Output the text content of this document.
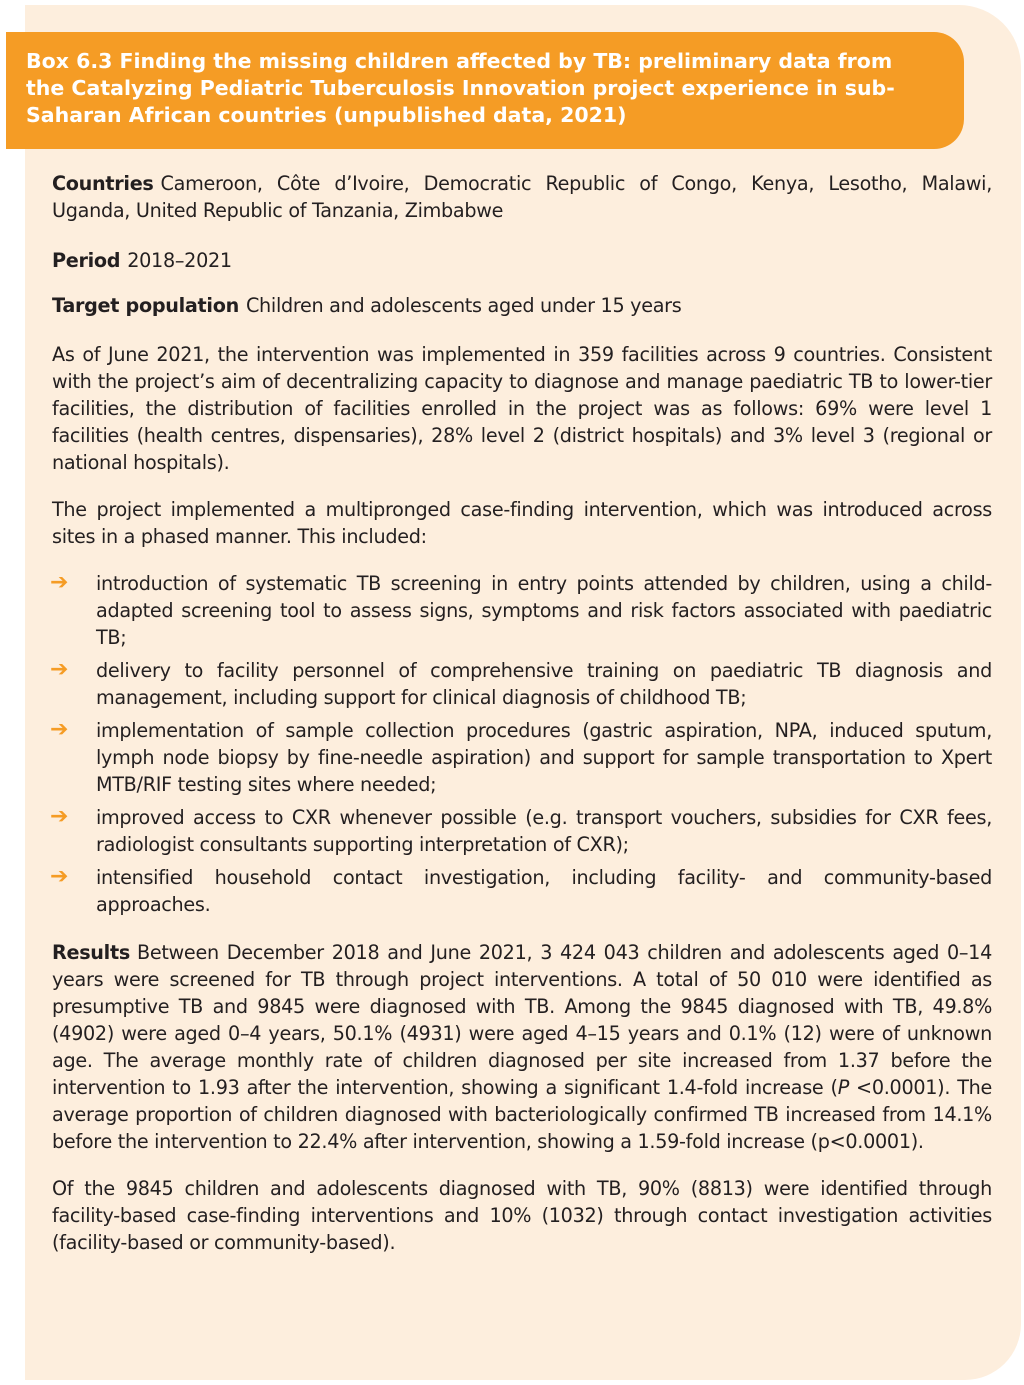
Box 6.3 Finding the missing children affected by TB: preliminary data from the Catalyzing Pediatric Tuberculosis Innovation project experience in sub-Saharan African countries (unpublished data, 2021)

Countries Cameroon, Côte d’Ivoire, Democratic Republic of Congo, Kenya, Lesotho, Malawi, Uganda, United Republic of Tanzania, Zimbabwe

Period 2018–2021

Target population Children and adolescents aged under 15 years

As of June 2021, the intervention was implemented in 359 facilities across 9 countries. Consistent with the project’s aim of decentralizing capacity to diagnose and manage paediatric TB to lower-tier facilities, the distribution of facilities enrolled in the project was as follows: 69% were level 1 facilities (health centres, dispensaries), 28% level 2 (district hospitals) and 3% level 3 (regional or national hospitals).

The project implemented a multipronged case-finding intervention, which was introduced across sites in a phased manner. This included:

➔	introduction of systematic TB screening in entry points attended by children, using a child-adapted screening tool to assess signs, symptoms and risk factors associated with paediatric TB;
➔	delivery to facility personnel of comprehensive training on paediatric TB diagnosis and management, including support for clinical diagnosis of childhood TB;
➔	implementation of sample collection procedures (gastric aspiration, NPA, induced sputum, lymph node biopsy by fine-needle aspiration) and support for sample transportation to Xpert MTB/RIF testing sites where needed;
➔	improved access to CXR whenever possible (e.g. transport vouchers, subsidies for CXR fees, radiologist consultants supporting interpretation of CXR);
➔	intensified household contact investigation, including facility- and community-based approaches.

Results Between December 2018 and June 2021, 3 424 043 children and adolescents aged 0–14 years were screened for TB through project interventions. A total of 50 010 were identified as presumptive TB and 9845 were diagnosed with TB. Among the 9845 diagnosed with TB, 49.8% (4902) were aged 0–4 years, 50.1% (4931) were aged 4–15 years and 0.1% (12) were of unknown age. The average monthly rate of children diagnosed per site increased from 1.37 before the intervention to 1.93 after the intervention, showing a significant 1.4-fold increase (P <0.0001). The average proportion of children diagnosed with bacteriologically confirmed TB increased from 14.1% before the intervention to 22.4% after intervention, showing a 1.59-fold increase (p<0.0001).

Of the 9845 children and adolescents diagnosed with TB, 90% (8813) were identified through facility-based case-finding interventions and 10% (1032) through contact investigation activities (facility-based or community-based).
